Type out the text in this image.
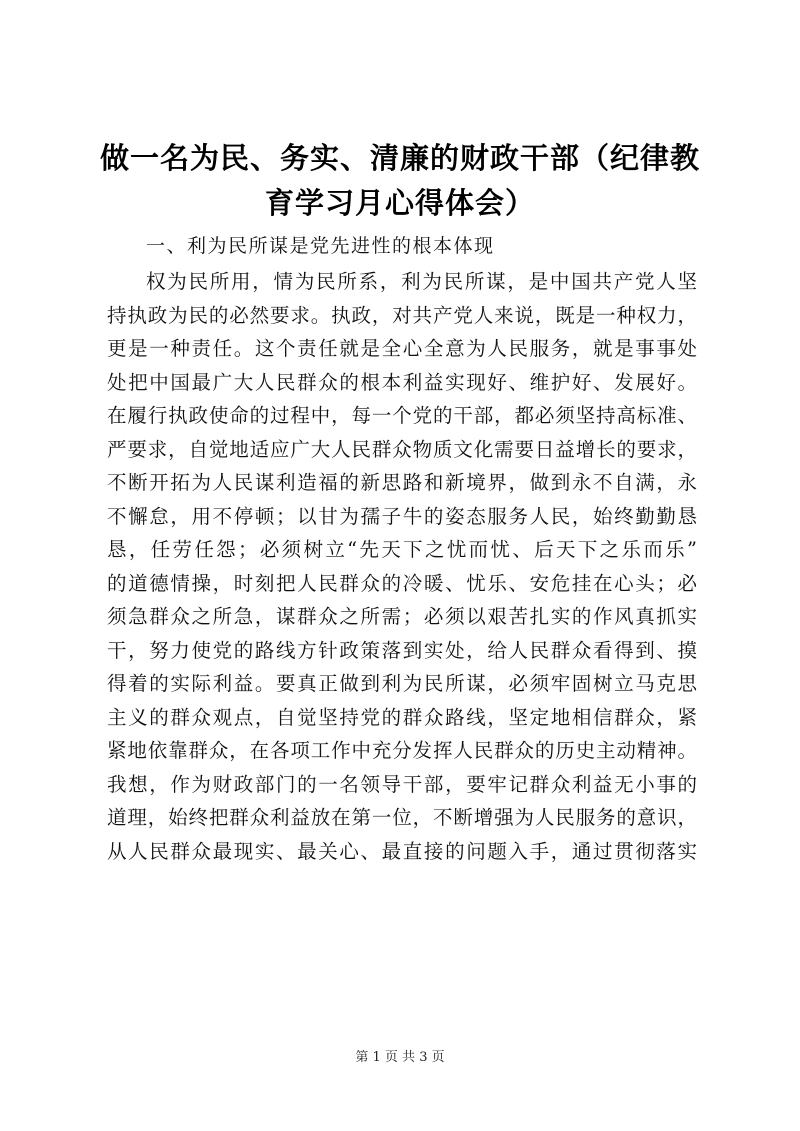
做一名为民、务实、清廉的财政干部（纪律教
育学习月心得体会）

一、利为民所谋是党先进性的根本体现

权为民所用，情为民所系，利为民所谋，是中国共产党人坚
持执政为民的必然要求。执政，对共产党人来说，既是一种权力，
更是一种责任。这个责任就是全心全意为人民服务，就是事事处
处把中国最广大人民群众的根本利益实现好、维护好、发展好。
在履行执政使命的过程中，每一个党的干部，都必须坚持高标准、
严要求，自觉地适应广大人民群众物质文化需要日益增长的要求，
不断开拓为人民谋利造福的新思路和新境界，做到永不自满，永
不懈怠，用不停顿；以甘为孺子牛的姿态服务人民，始终勤勤恳
恳，任劳任怨；必须树立“先天下之忧而忧、后天下之乐而乐”
的道德情操，时刻把人民群众的冷暖、忧乐、安危挂在心头；必
须急群众之所急，谋群众之所需；必须以艰苦扎实的作风真抓实
干，努力使党的路线方针政策落到实处，给人民群众看得到、摸
得着的实际利益。要真正做到利为民所谋，必须牢固树立马克思
主义的群众观点，自觉坚持党的群众路线，坚定地相信群众，紧
紧地依靠群众，在各项工作中充分发挥人民群众的历史主动精神。
我想，作为财政部门的一名领导干部，要牢记群众利益无小事的
道理，始终把群众利益放在第一位，不断增强为人民服务的意识，
从人民群众最现实、最关心、最直接的问题入手，通过贯彻落实
第 1 页 共 3 页
